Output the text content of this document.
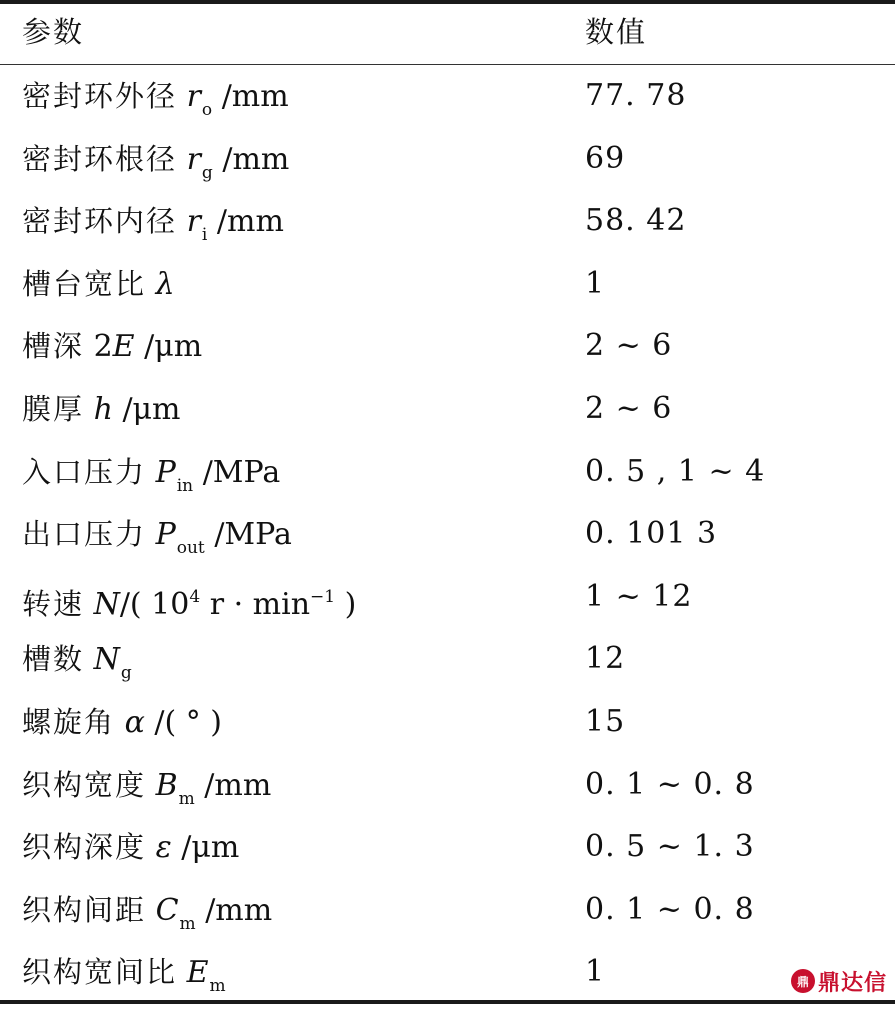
参数	数值
密封环外径 $r_o$ /mm	77. 78
密封环根径 $r_g$ /mm	69
密封环内径 $r_i$ /mm	58. 42
槽台宽比 λ	1
槽深 2E /μm	2 ~ 6
膜厚 h /μm	2 ~ 6
入口压力 $P_{in}$ /MPa	0. 5 , 1 ~ 4
出口压力 $P_{out}$ /MPa	0. 101 3
转速 N/( $10^4$ $r \cdot \min^{-1}$ )	1 ~ 12
槽数 $N_g$	12
螺旋角 α /( ° )	15
织构宽度 $B_m$ /mm	0. 1 ~ 0. 8
织构深度 ε /μm	0. 5 ~ 1. 3
织构间距 $C_m$ /mm	0. 1 ~ 0. 8
织构宽间比 $E_m$	1	鼎 鼎达信
